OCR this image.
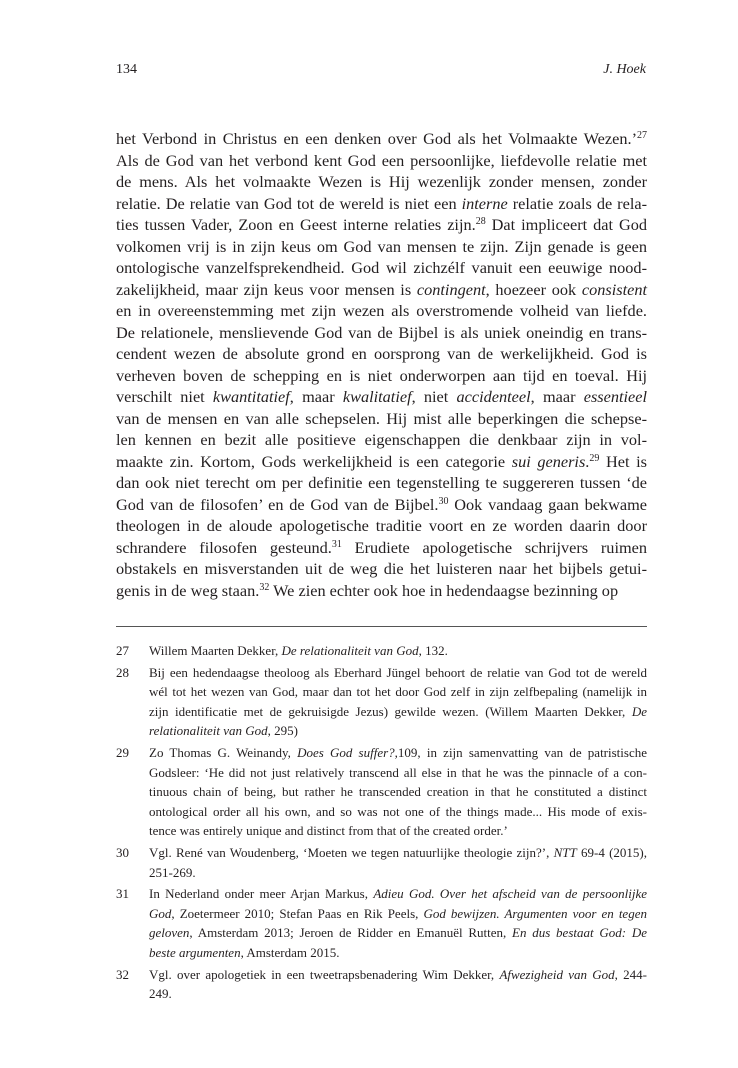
134	J. Hoek
het Verbond in Christus en een denken over God als het Volmaakte Wezen.’$^{27}$
Als de God van het verbond kent God een persoonlijke, liefdevolle relatie met
de mens. Als het volmaakte Wezen is Hij wezenlijk zonder mensen, zonder
relatie. De relatie van God tot de wereld is niet een interne relatie zoals de rela-
ties tussen Vader, Zoon en Geest interne relaties zijn.$^{28}$ Dat impliceert dat God
volkomen vrij is in zijn keus om God van mensen te zijn. Zijn genade is geen
ontologische vanzelfsprekendheid. God wil zichzélf vanuit een eeuwige nood-
zakelijkheid, maar zijn keus voor mensen is contingent, hoezeer ook consistent
en in overeenstemming met zijn wezen als overstromende volheid van liefde.
De relationele, menslievende God van de Bijbel is als uniek oneindig en trans-
cendent wezen de absolute grond en oorsprong van de werkelijkheid. God is
verheven boven de schepping en is niet onderworpen aan tijd en toeval. Hij
verschilt niet kwantitatief, maar kwalitatief, niet accidenteel, maar essentieel
van de mensen en van alle schepselen. Hij mist alle beperkingen die schepse-
len kennen en bezit alle positieve eigenschappen die denkbaar zijn in vol-
maakte zin. Kortom, Gods werkelijkheid is een categorie sui generis.$^{29}$ Het is
dan ook niet terecht om per definitie een tegenstelling te suggereren tussen ‘de
God van de filosofen’ en de God van de Bijbel.$^{30}$ Ook vandaag gaan bekwame
theologen in de aloude apologetische traditie voort en ze worden daarin door
schrandere filosofen gesteund.$^{31}$ Erudiete apologetische schrijvers ruimen
obstakels en misverstanden uit de weg die het luisteren naar het bijbels getui-
genis in de weg staan.$^{32}$ We zien echter ook hoe in hedendaagse bezinning op
27 Willem Maarten Dekker, De relationaliteit van God, 132.
28 Bij een hedendaagse theoloog als Eberhard Jüngel behoort de relatie van God tot de wereld
wél tot het wezen van God, maar dan tot het door God zelf in zijn zelfbepaling (namelijk in
zijn identificatie met de gekruisigde Jezus) gewilde wezen. (Willem Maarten Dekker, De
relationaliteit van God, 295)
29 Zo Thomas G. Weinandy, Does God suffer?,109, in zijn samenvatting van de patristische
Godsleer: ‘He did not just relatively transcend all else in that he was the pinnacle of a con-
tinuous chain of being, but rather he transcended creation in that he constituted a distinct
ontological order all his own, and so was not one of the things made... His mode of exis-
tence was entirely unique and distinct from that of the created order.’
30 Vgl. René van Woudenberg, ‘Moeten we tegen natuurlijke theologie zijn?’, NTT 69-4 (2015),
251-269.
31 In Nederland onder meer Arjan Markus, Adieu God. Over het afscheid van de persoonlijke
God, Zoetermeer 2010; Stefan Paas en Rik Peels, God bewijzen. Argumenten voor en tegen
geloven, Amsterdam 2013; Jeroen de Ridder en Emanuël Rutten, En dus bestaat God: De
beste argumenten, Amsterdam 2015.
32 Vgl. over apologetiek in een tweetrapsbenadering Wim Dekker, Afwezigheid van God, 244-
249.
